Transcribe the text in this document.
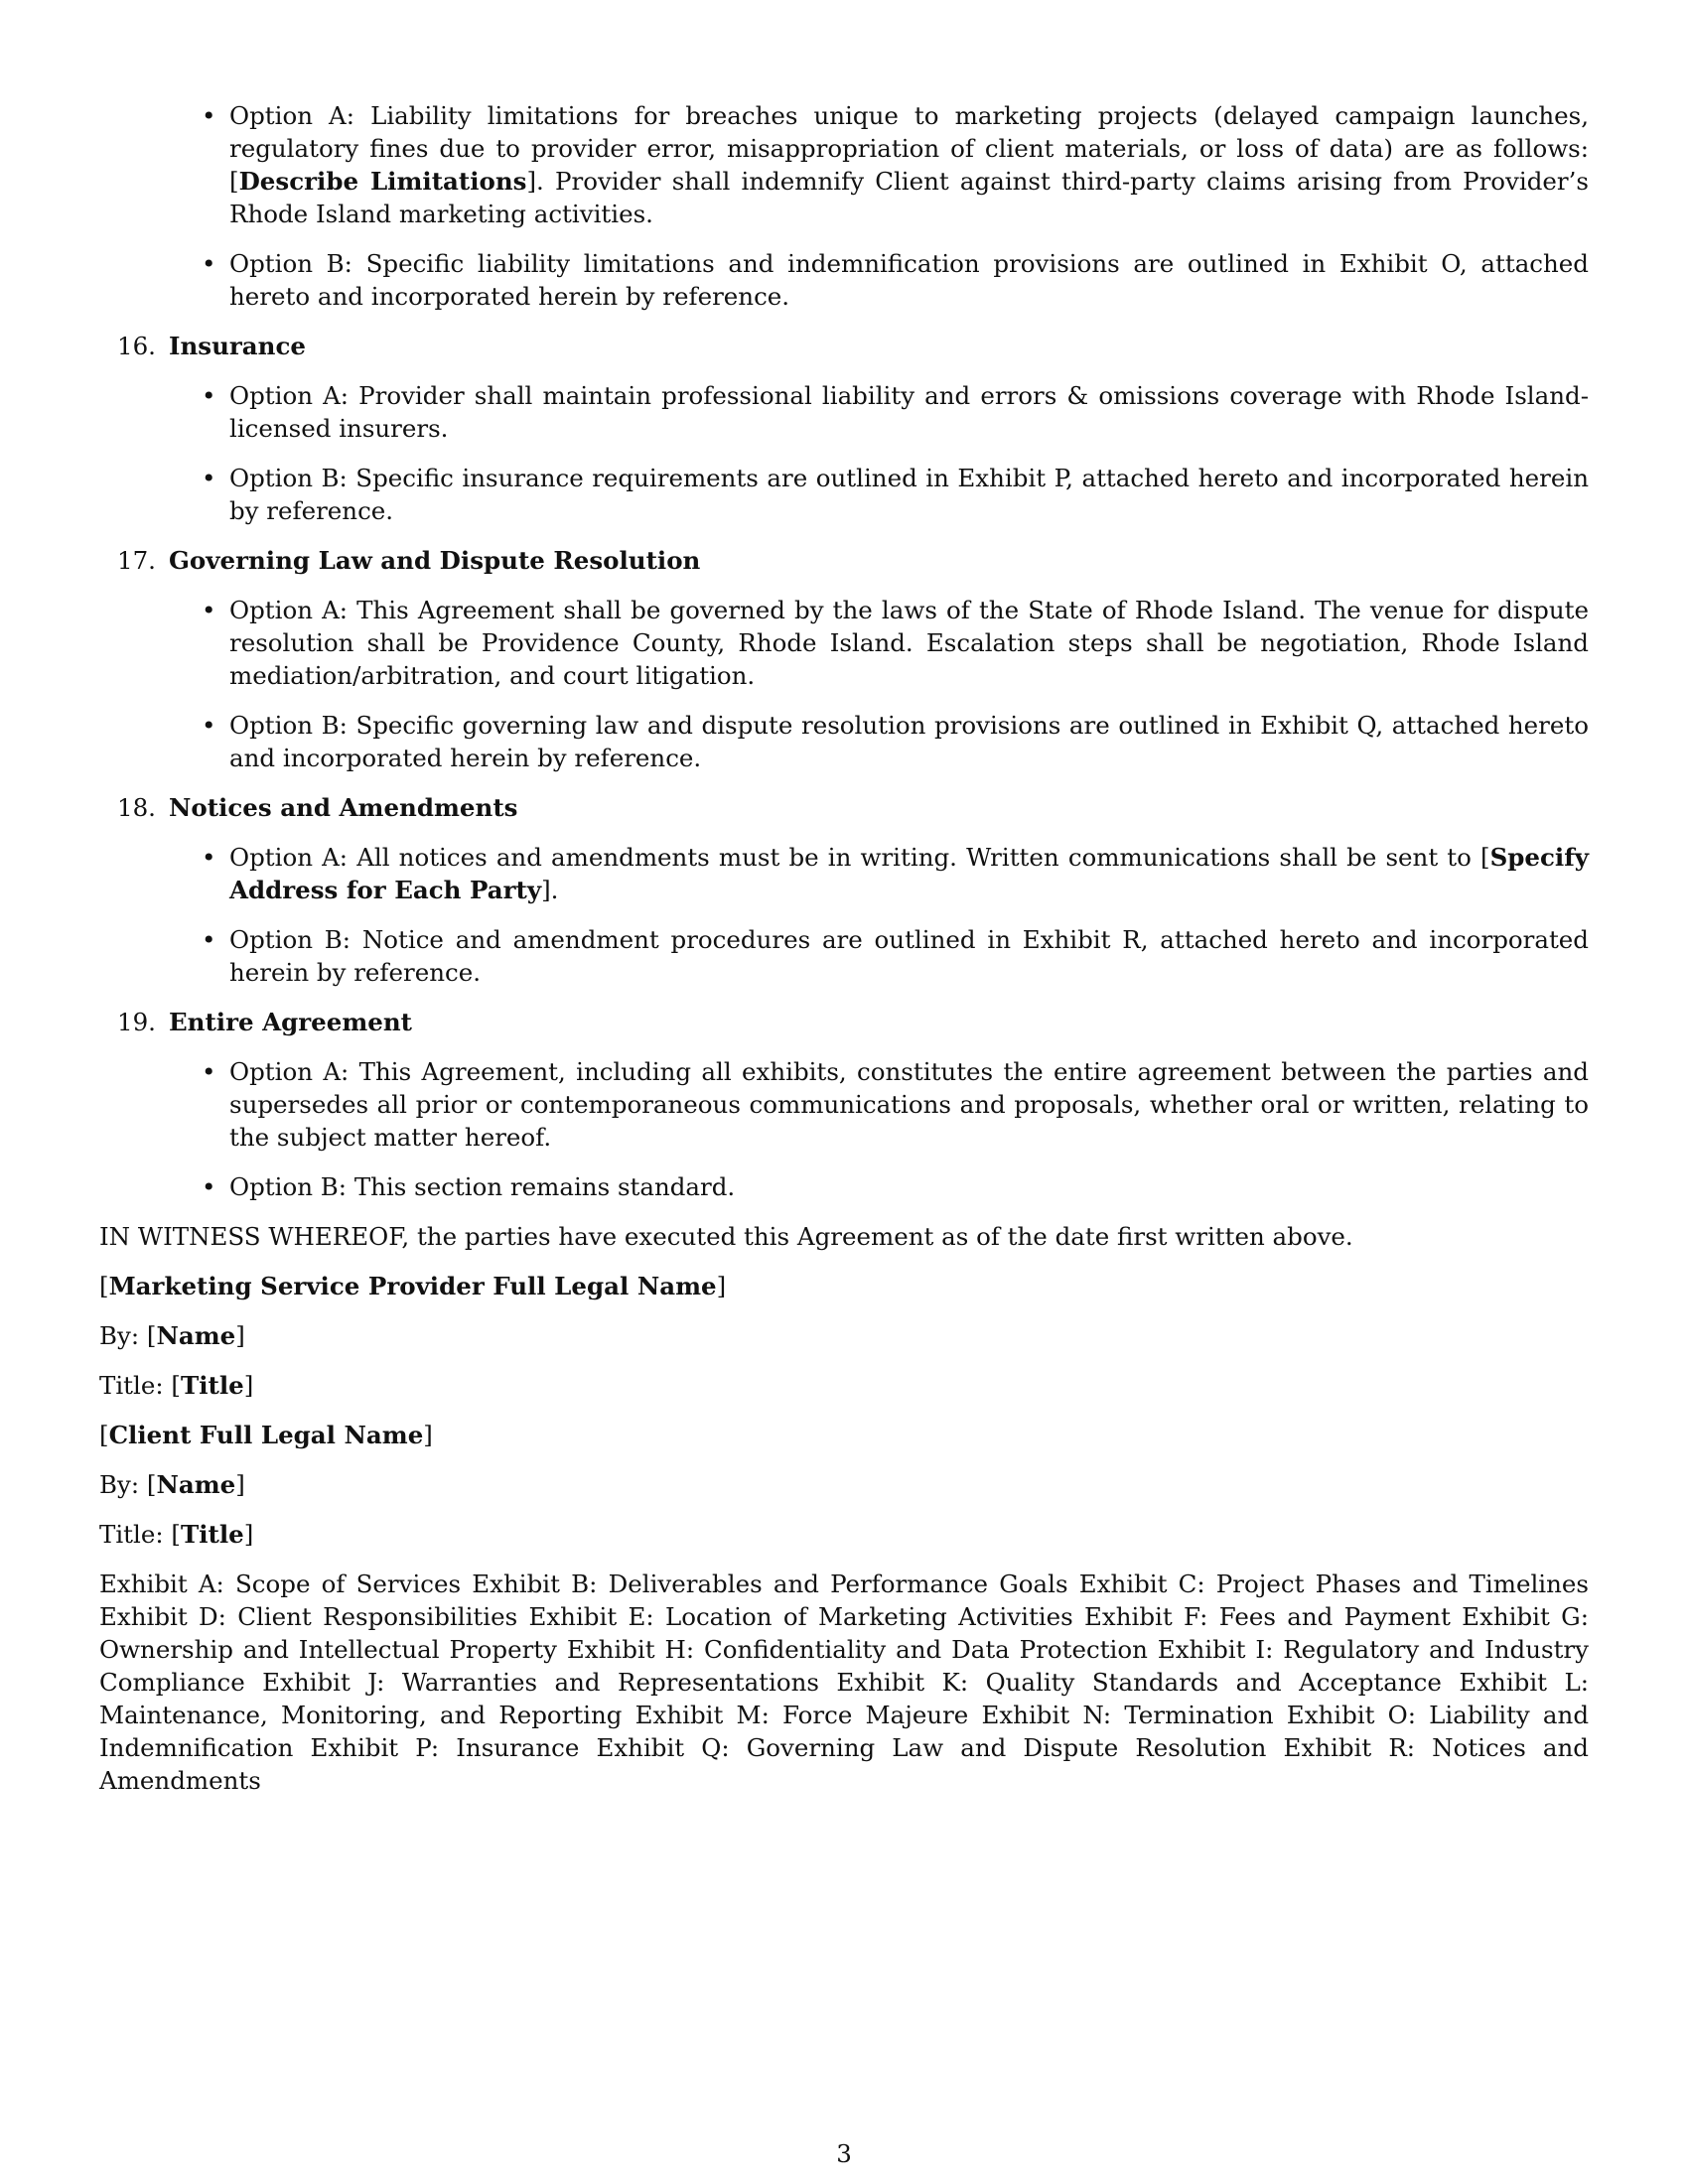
• Option A: Liability limitations for breaches unique to marketing projects (delayed campaign launches, regulatory fines due to provider error, misappropriation of client materials, or loss of data) are as follows: [Describe Limitations]. Provider shall indemnify Client against third-party claims arising from Provider’s Rhode Island marketing activities.
• Option B: Specific liability limitations and indemnification provisions are outlined in Exhibit O, attached hereto and incorporated herein by reference.
16. Insurance
• Option A: Provider shall maintain professional liability and errors & omissions coverage with Rhode Island-licensed insurers.
• Option B: Specific insurance requirements are outlined in Exhibit P, attached hereto and incorporated herein by reference.
17. Governing Law and Dispute Resolution
• Option A: This Agreement shall be governed by the laws of the State of Rhode Island. The venue for dispute resolution shall be Providence County, Rhode Island. Escalation steps shall be negotiation, Rhode Island mediation/arbitration, and court litigation.
• Option B: Specific governing law and dispute resolution provisions are outlined in Exhibit Q, attached hereto and incorporated herein by reference.
18. Notices and Amendments
• Option A: All notices and amendments must be in writing. Written communications shall be sent to [Specify Address for Each Party].
• Option B: Notice and amendment procedures are outlined in Exhibit R, attached hereto and incorporated herein by reference.
19. Entire Agreement
• Option A: This Agreement, including all exhibits, constitutes the entire agreement between the parties and supersedes all prior or contemporaneous communications and proposals, whether oral or written, relating to the subject matter hereof.
• Option B: This section remains standard.

IN WITNESS WHEREOF, the parties have executed this Agreement as of the date first written above.

[Marketing Service Provider Full Legal Name]

By: [Name]

Title: [Title]

[Client Full Legal Name]

By: [Name]

Title: [Title]

Exhibit A: Scope of Services Exhibit B: Deliverables and Performance Goals Exhibit C: Project Phases and Timelines Exhibit D: Client Responsibilities Exhibit E: Location of Marketing Activities Exhibit F: Fees and Payment Exhibit G: Ownership and Intellectual Property Exhibit H: Confidentiality and Data Protection Exhibit I: Regulatory and Industry Compliance Exhibit J: Warranties and Representations Exhibit K: Quality Standards and Acceptance Exhibit L: Maintenance, Monitoring, and Reporting Exhibit M: Force Majeure Exhibit N: Termination Exhibit O: Liability and Indemnification Exhibit P: Insurance Exhibit Q: Governing Law and Dispute Resolution Exhibit R: Notices and Amendments

3
